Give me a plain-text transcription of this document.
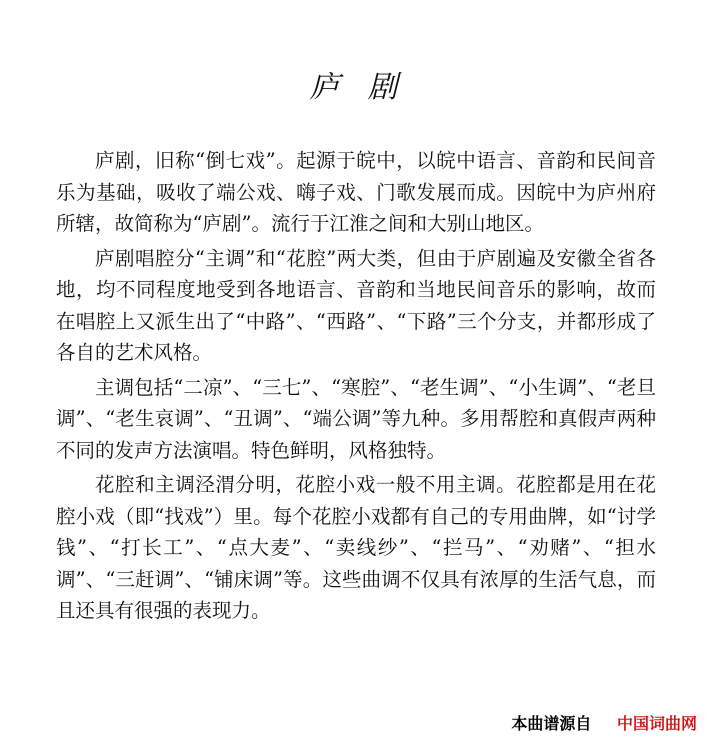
庐剧

庐剧，旧称“倒七戏”。起源于皖中，以皖中语言、音韵和民间音乐为基础，吸收了端公戏、嗨子戏、门歌发展而成。因皖中为庐州府所辖，故简称为“庐剧”。流行于江淮之间和大别山地区。

庐剧唱腔分“主调”和“花腔”两大类，但由于庐剧遍及安徽全省各地，均不同程度地受到各地语言、音韵和当地民间音乐的影响，故而在唱腔上又派生出了“中路”、“西路”、“下路”三个分支，并都形成了各自的艺术风格。

主调包括“二凉”、“三七”、“寒腔”、“老生调”、“小生调”、“老旦调”、“老生哀调”、“丑调”、“端公调”等九种。多用帮腔和真假声两种不同的发声方法演唱。特色鲜明，风格独特。

花腔和主调泾渭分明，花腔小戏一般不用主调。花腔都是用在花腔小戏（即“找戏”）里。每个花腔小戏都有自己的专用曲牌，如“讨学钱”、“打长工”、“点大麦”、“卖线纱”、“拦马”、“劝赌”、“担水调”、“三赶调”、“铺床调”等。这些曲调不仅具有浓厚的生活气息，而且还具有很强的表现力。

本曲谱源自 中国词曲网
